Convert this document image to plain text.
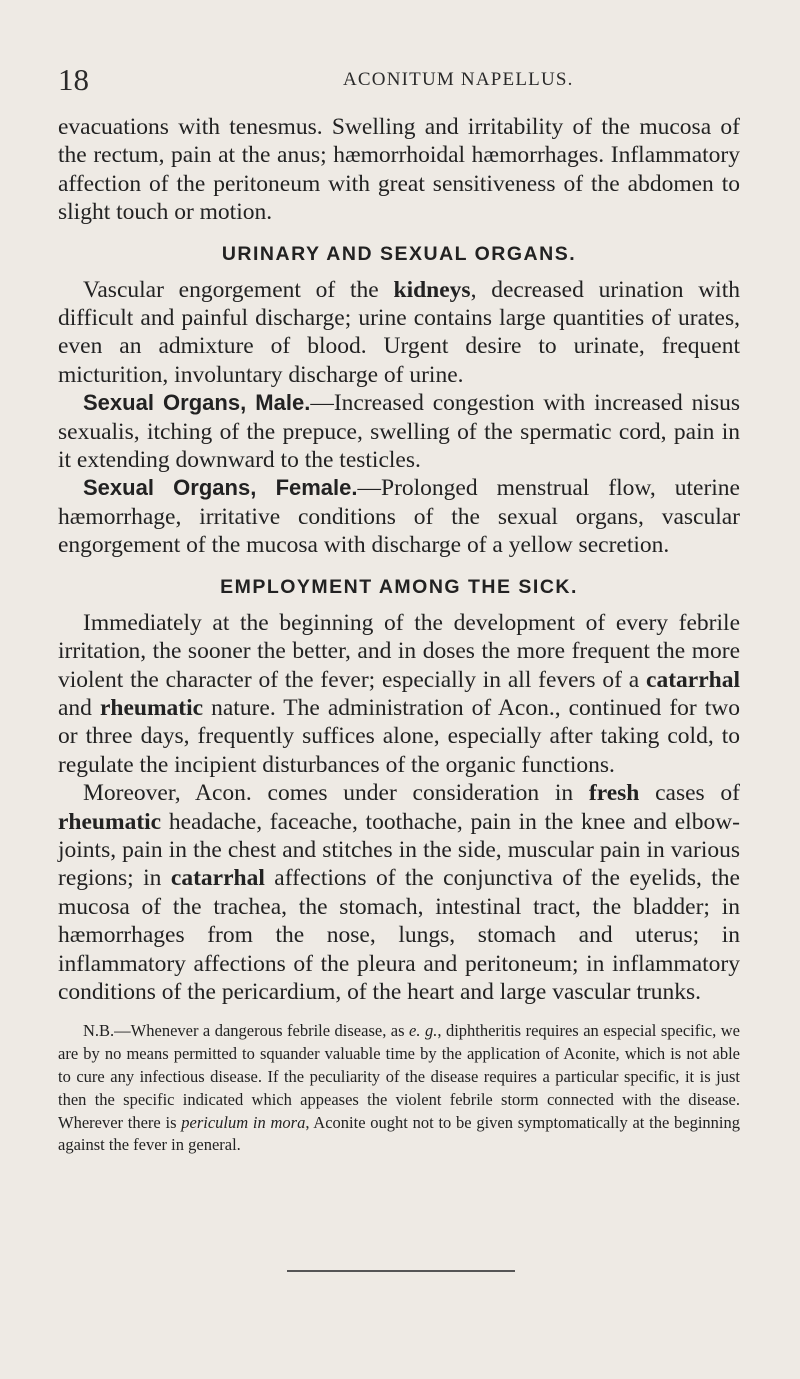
18	ACONITUM NAPELLUS.

evacuations with tenesmus. Swelling and irritability of the mucosa of the rectum, pain at the anus; hæmorrhoidal hæmorrhages. Inflammatory affection of the peritoneum with great sensitiveness of the abdomen to slight touch or motion.

URINARY AND SEXUAL ORGANS.

Vascular engorgement of the kidneys, decreased urination with difficult and painful discharge; urine contains large quantities of urates, even an admixture of blood. Urgent desire to urinate, frequent micturition, involuntary discharge of urine.

Sexual Organs, Male.—Increased congestion with increased nisus sexualis, itching of the prepuce, swelling of the spermatic cord, pain in it extending downward to the testicles.

Sexual Organs, Female.—Prolonged menstrual flow, uterine hæmorrhage, irritative conditions of the sexual organs, vascular engorgement of the mucosa with discharge of a yellow secretion.

EMPLOYMENT AMONG THE SICK.

Immediately at the beginning of the development of every febrile irritation, the sooner the better, and in doses the more frequent the more violent the character of the fever; especially in all fevers of a catarrhal and rheumatic nature. The administration of Acon., continued for two or three days, frequently suffices alone, especially after taking cold, to regulate the incipient disturbances of the organic functions.

Moreover, Acon. comes under consideration in fresh cases of rheumatic headache, faceache, toothache, pain in the knee and elbow-joints, pain in the chest and stitches in the side, muscular pain in various regions; in catarrhal affections of the conjunctiva of the eyelids, the mucosa of the trachea, the stomach, intestinal tract, the bladder; in hæmorrhages from the nose, lungs, stomach and uterus; in inflammatory affections of the pleura and peritoneum; in inflammatory conditions of the pericardium, of the heart and large vascular trunks.

N.B.—Whenever a dangerous febrile disease, as e. g., diphtheritis requires an especial specific, we are by no means permitted to squander valuable time by the application of Aconite, which is not able to cure any infectious disease. If the peculiarity of the disease requires a particular specific, it is just then the specific indicated which appeases the violent febrile storm connected with the disease. Wherever there is periculum in mora, Aconite ought not to be given symptomatically at the beginning against the fever in general.
